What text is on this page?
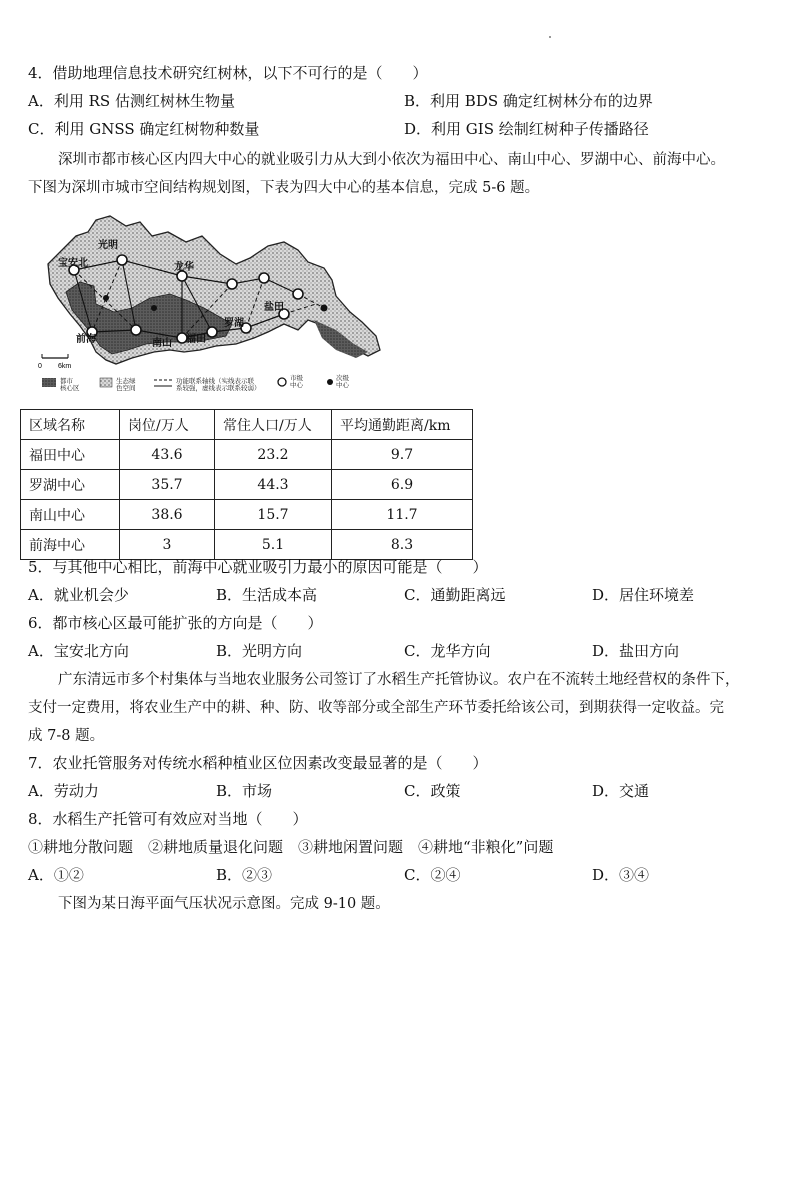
4．借助地理信息技术研究红树林，以下不可行的是（　　）
A．利用 RS 估测红树林生物量	B．利用 BDS 确定红树林分布的边界
C．利用 GNSS 确定红树物种数量	D．利用 GIS 绘制红树种子传播路径
深圳市都市核心区内四大中心的就业吸引力从大到小依次为福田中心、南山中心、罗湖中心、前海中心。
下图为深圳市城市空间结构规划图，下表为四大中心的基本信息，完成 5-6 题。
光明
宝安北	龙华
盐田
罗湖
福田
南山
前海
0 6km
都市核心区
生态绿色空间
功能联系轴线（实线表示联系较强，虚线表示联系较弱）
市级中心
次级中心
区域名称	岗位/万人	常住人口/万人	平均通勤距离/km
福田中心	43.6	23.2	9.7
罗湖中心	35.7	44.3	6.9
南山中心	38.6	15.7	11.7
前海中心	3	5.1	8.3
5．与其他中心相比，前海中心就业吸引力最小的原因可能是（　　）
A．就业机会少	B．生活成本高	C．通勤距离远	D．居住环境差
6．都市核心区最可能扩张的方向是（　　）
A．宝安北方向	B．光明方向	C．龙华方向	D．盐田方向
广东清远市多个村集体与当地农业服务公司签订了水稻生产托管协议。农户在不流转土地经营权的条件下，
支付一定费用，将农业生产中的耕、种、防、收等部分或全部生产环节委托给该公司，到期获得一定收益。完
成 7-8 题。
7．农业托管服务对传统水稻种植业区位因素改变最显著的是（　　）
A．劳动力	B．市场	C．政策	D．交通
8．水稻生产托管可有效应对当地（　　）
①耕地分散问题　②耕地质量退化问题　③耕地闲置问题　④耕地“非粮化”问题
A．①②	B．②③	C．②④	D．③④
下图为某日海平面气压状况示意图。完成 9-10 题。
